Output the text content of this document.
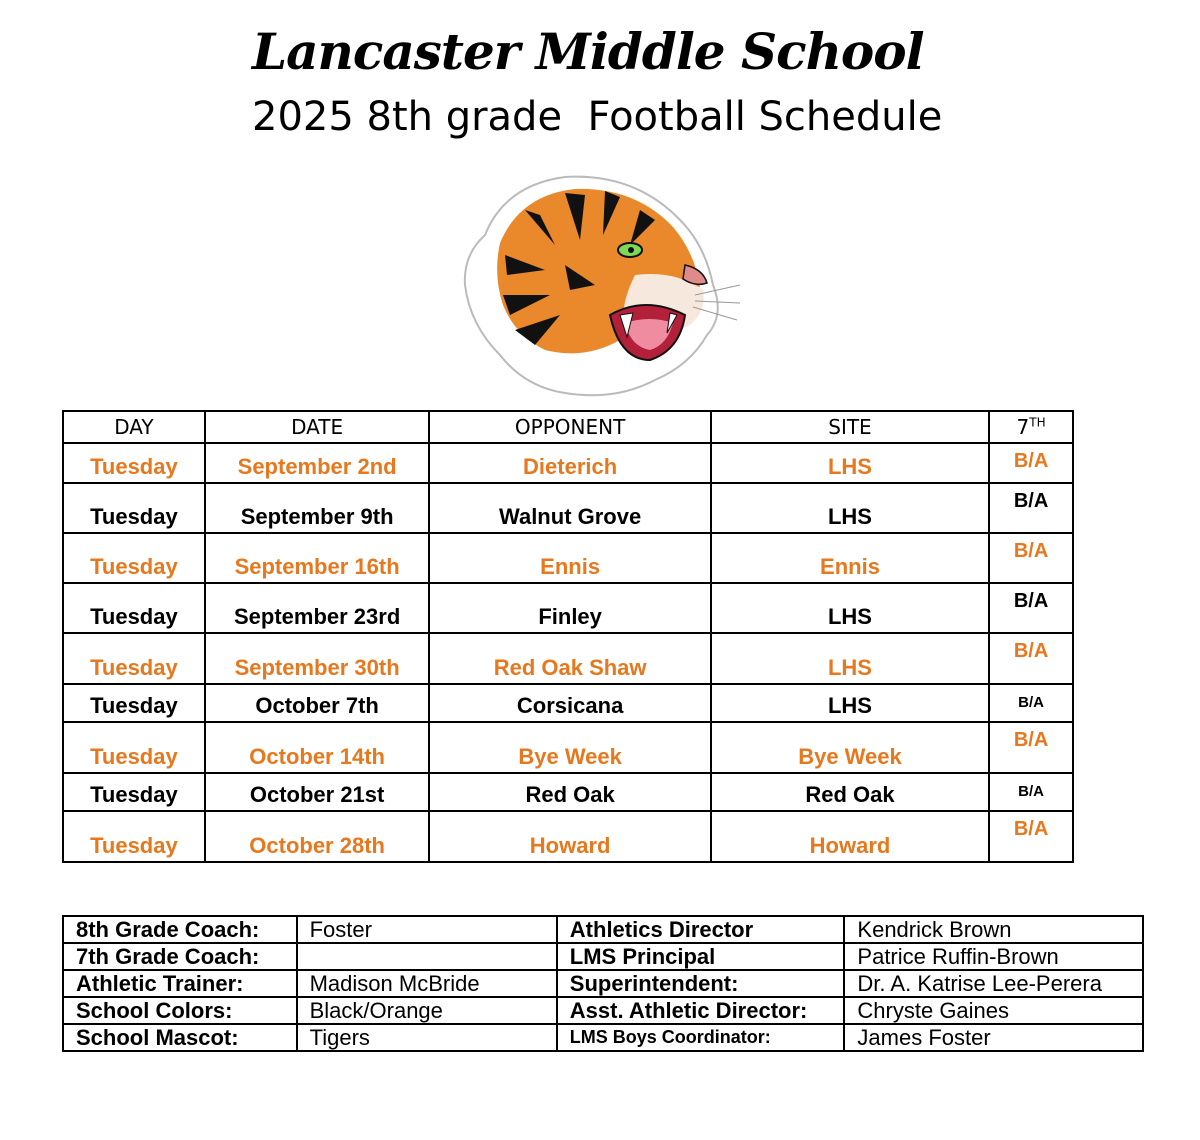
Lancaster Middle School
2025 8th grade  Football Schedule
DAY	DATE	OPPONENT	SITE	7TH
Tuesday	September 2nd	Dieterich	LHS	B/A
Tuesday	September 9th	Walnut Grove	LHS	B/A
Tuesday	September 16th	Ennis	Ennis	B/A
Tuesday	September 23rd	Finley	LHS	B/A
Tuesday	September 30th	Red Oak Shaw	LHS	B/A
Tuesday	October 7th	Corsicana	LHS	B/A
Tuesday	October 14th	Bye Week	Bye Week	B/A
Tuesday	October 21st	Red Oak	Red Oak	B/A
Tuesday	October 28th	Howard	Howard	B/A
8th Grade Coach:	Foster	Athletics Director	Kendrick Brown
7th Grade Coach:		LMS Principal	Patrice Ruffin-Brown
Athletic Trainer:	Madison McBride	Superintendent:	Dr. A. Katrise Lee-Perera
School Colors:	Black/Orange	Asst. Athletic Director:	Chryste Gaines
School Mascot:	Tigers	LMS Boys Coordinator:	James Foster
